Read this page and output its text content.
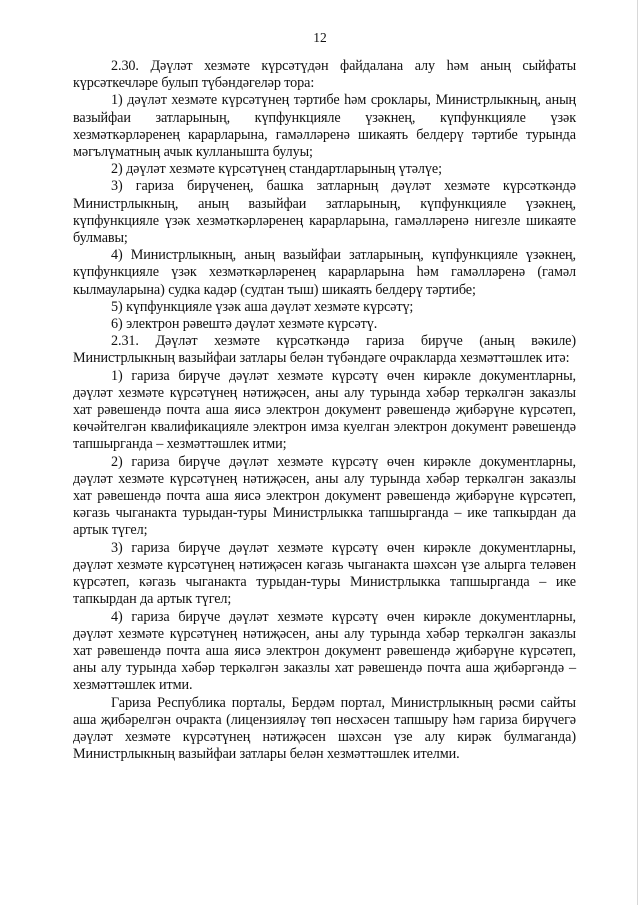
12

2.30. Дәүләт хезмәте күрсәтүдән файдалана алу һәм аның сыйфаты күрсәткечләре булып түбәндәгеләр тора:

1) дәүләт хезмәте күрсәтүнең тәртибе һәм сроклары, Министрлыкның, аның вазыйфаи затларының, күпфункцияле үзәкнең, күпфункцияле үзәк хезмәткәрләренең карарларына, гамәлләренә шикаять белдерү тәртибе турында мәгълүматның ачык кулланышта булуы;

2) дәүләт хезмәте күрсәтүнең стандартларының үтәлүе;

3) гариза бирүченең, башка затларның дәүләт хезмәте күрсәткәндә Министрлыкның, аның вазыйфаи затларының, күпфункцияле үзәкнең, күпфункцияле үзәк хезмәткәрләренең карарларына, гамәлләренә нигезле шикаяте булмавы;

4) Министрлыкның, аның вазыйфаи затларының, күпфункцияле үзәкнең, күпфункцияле үзәк хезмәткәрләренең карарларына һәм гамәлләренә (гамәл кылмауларына) судка кадәр (судтан тыш) шикаять белдерү тәртибе;

5) күпфункцияле үзәк аша дәүләт хезмәте күрсәтү;

6) электрон рәвештә дәүләт хезмәте күрсәтү.

2.31. Дәүләт хезмәте күрсәткәндә гариза бирүче (аның вәкиле) Министрлыкның вазыйфаи затлары белән түбәндәге очракларда хезмәттәшлек итә:

1) гариза бирүче дәүләт хезмәте күрсәтү өчен кирәкле документларны, дәүләт хезмәте күрсәтүнең нәтиҗәсен, аны алу турында хәбәр теркәлгән заказлы хат рәвешендә почта аша яисә электрон документ рәвешендә җибәрүне күрсәтеп, көчәйтелгән квалификацияле электрон имза куелган электрон документ рәвешендә тапшырганда – хезмәттәшлек итми;

2) гариза бирүче дәүләт хезмәте күрсәтү өчен кирәкле документларны, дәүләт хезмәте күрсәтүнең нәтиҗәсен, аны алу турында хәбәр теркәлгән заказлы хат рәвешендә почта аша яисә электрон документ рәвешендә җибәрүне күрсәтеп, кәгазь чыганакта турыдан-туры Министрлыкка тапшырганда – ике тапкырдан да артык түгел;

3) гариза бирүче дәүләт хезмәте күрсәтү өчен кирәкле документларны, дәүләт хезмәте күрсәтүнең нәтиҗәсен кәгазь чыганакта шәхсән үзе алырга теләвен күрсәтеп, кәгазь чыганакта турыдан-туры Министрлыкка тапшырганда – ике тапкырдан да артык түгел;

4) гариза бирүче дәүләт хезмәте күрсәтү өчен кирәкле документларны, дәүләт хезмәте күрсәтүнең нәтиҗәсен, аны алу турында хәбәр теркәлгән заказлы хат рәвешендә почта аша яисә электрон документ рәвешендә җибәрүне күрсәтеп, аны алу турында хәбәр теркәлгән заказлы хат рәвешендә почта аша җибәргәндә – хезмәттәшлек итми.

Гариза Республика порталы, Бердәм портал, Министрлыкның рәсми сайты аша җибәрелгән очракта (лицензияләү төп нөсхәсен тапшыру һәм гариза бирүчегә дәүләт хезмәте күрсәтүнең нәтиҗәсен шәхсән үзе алу кирәк булмаганда) Министрлыкның вазыйфаи затлары белән хезмәттәшлек ителми.
